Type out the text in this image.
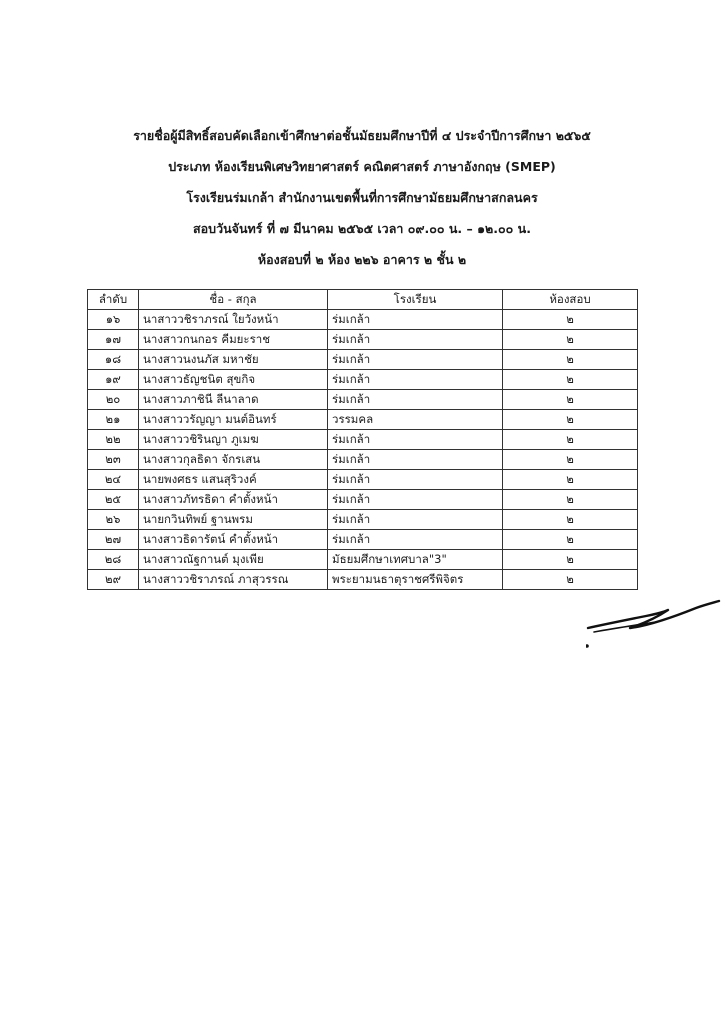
รายชื่อผู้มีสิทธิ์สอบคัดเลือกเข้าศึกษาต่อชั้นมัธยมศึกษาปีที่ ๔ ประจำปีการศึกษา ๒๕๖๕
ประเภท ห้องเรียนพิเศษวิทยาศาสตร์ คณิตศาสตร์ ภาษาอังกฤษ (SMEP)
โรงเรียนร่มเกล้า สำนักงานเขตพื้นที่การศึกษามัธยมศึกษาสกลนคร
สอบวันจันทร์ ที่ ๗ มีนาคม ๒๕๖๕ เวลา ๐๙.๐๐ น. – ๑๒.๐๐ น.
ห้องสอบที่ ๒ ห้อง ๒๒๖ อาคาร ๒ ชั้น ๒
ลำดับ	ชื่อ - สกุล	โรงเรียน	ห้องสอบ
๑๖	นาสาววชิราภรณ์ ใยวังหน้า	ร่มเกล้า	๒
๑๗	นางสาวกนกอร คีมยะราช	ร่มเกล้า	๒
๑๘	นางสาวนงนภัส มหาชัย	ร่มเกล้า	๒
๑๙	นางสาวธัญชนิต สุขกิจ	ร่มเกล้า	๒
๒๐	นางสาวภาชินี ลีนาลาด	ร่มเกล้า	๒
๒๑	นางสาววรัญญา มนต์อินทร์	วรรมคล	๒
๒๒	นางสาววชิรินญา ภูเมฆ	ร่มเกล้า	๒
๒๓	นางสาวกุลธิดา จักรเสน	ร่มเกล้า	๒
๒๔	นายพงศธร แสนสุริวงค์	ร่มเกล้า	๒
๒๕	นางสาวภัทรธิดา คำตั้งหน้า	ร่มเกล้า	๒
๒๖	นายกวินทิพย์ ฐานพรม	ร่มเกล้า	๒
๒๗	นางสาวธิดารัตน์ คำตั้งหน้า	ร่มเกล้า	๒
๒๘	นางสาวณัฐกานต์ มุงเพีย	มัธยมศึกษาเทศบาล"3"	๒
๒๙	นางสาววชิราภรณ์ ภาสุวรรณ	พระยามนธาตุราชศรีพิจิตร	๒
